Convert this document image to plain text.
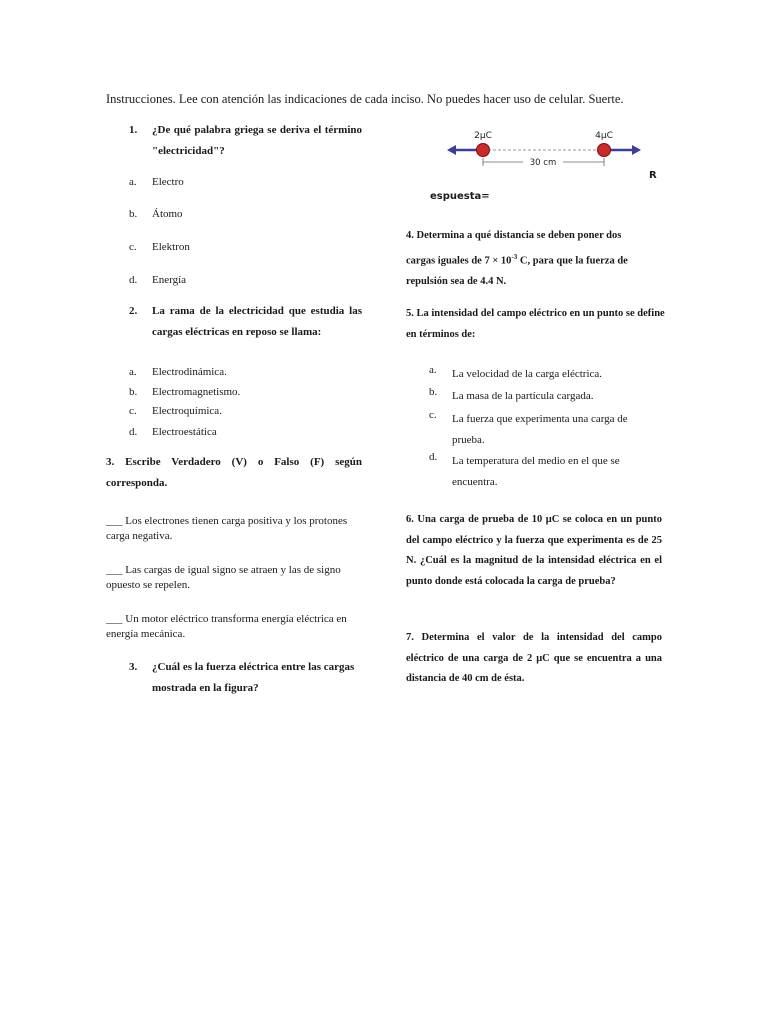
Instrucciones. Lee con atención las indicaciones de cada inciso. No puedes hacer uso de celular. Suerte.
1. ¿De qué palabra griega se deriva el término "electricidad"?
a. Electro
b. Átomo
c. Elektron
d. Energía
2. La rama de la electricidad que estudia las cargas eléctricas en reposo se llama:
a. Electrodinámica.
b. Electromagnetismo.
c. Electroquímica.
d. Electroestática
3. Escribe Verdadero (V) o Falso (F) según corresponda.
___ Los electrones tienen carga positiva y los protones carga negativa.
___ Las cargas de igual signo se atraen y las de signo opuesto se repelen.
___ Un motor eléctrico transforma energía eléctrica en energía mecánica.
3. ¿Cuál es la fuerza eléctrica entre las cargas mostrada en la figura?
2μC	4μC
30 cm
R
espuesta=
4. Determina a qué distancia se deben poner dos cargas iguales de $7 \times 10^{-3}$ C, para que la fuerza de repulsión sea de 4.4 N.
5. La intensidad del campo eléctrico en un punto se define en términos de:
a. La velocidad de la carga eléctrica.
b. La masa de la partícula cargada.
c. La fuerza que experimenta una carga de prueba.
d. La temperatura del medio en el que se encuentra.
6. Una carga de prueba de 10 μC se coloca en un punto del campo eléctrico y la fuerza que experimenta es de 25 N. ¿Cuál es la magnitud de la intensidad eléctrica en el punto donde está colocada la carga de prueba?
7. Determina el valor de la intensidad del campo eléctrico de una carga de 2 μC que se encuentra a una distancia de 40 cm de ésta.
